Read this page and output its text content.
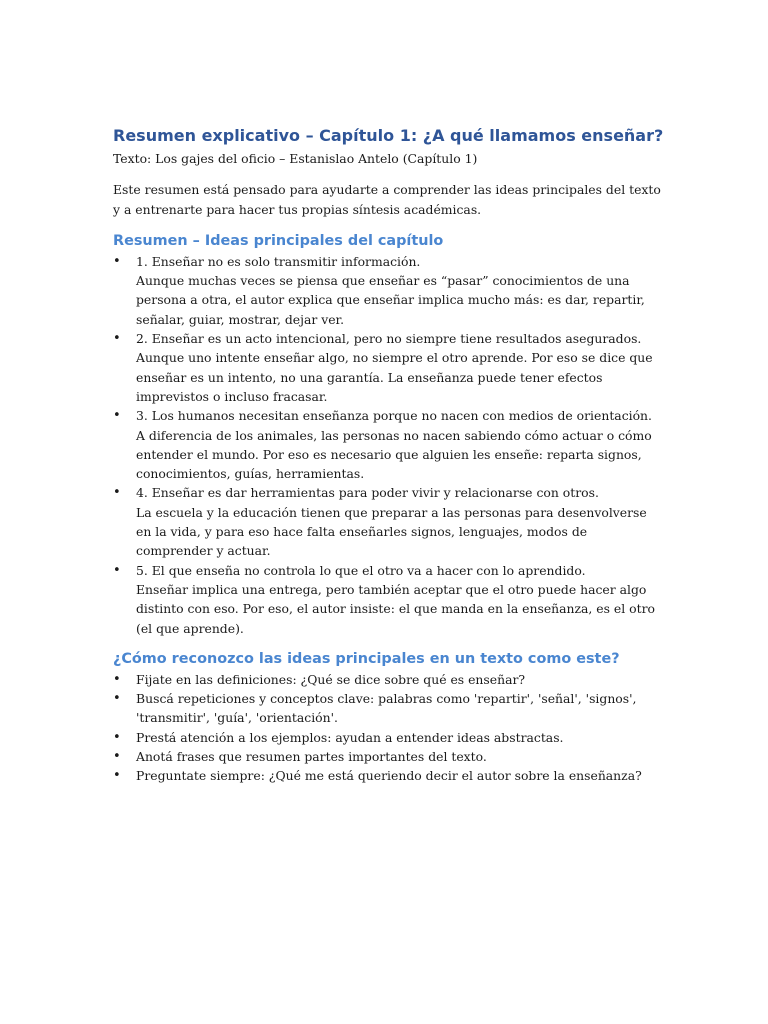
Resumen explicativo – Capítulo 1: ¿A qué llamamos enseñar?

Texto: Los gajes del oficio – Estanislao Antelo (Capítulo 1)

Este resumen está pensado para ayudarte a comprender las ideas principales del texto y a entrenarte para hacer tus propias síntesis académicas.

Resumen – Ideas principales del capítulo
• 1. Enseñar no es solo transmitir información.
Aunque muchas veces se piensa que enseñar es “pasar” conocimientos de una persona a otra, el autor explica que enseñar implica mucho más: es dar, repartir, señalar, guiar, mostrar, dejar ver.
• 2. Enseñar es un acto intencional, pero no siempre tiene resultados asegurados.
Aunque uno intente enseñar algo, no siempre el otro aprende. Por eso se dice que enseñar es un intento, no una garantía. La enseñanza puede tener efectos imprevistos o incluso fracasar.
• 3. Los humanos necesitan enseñanza porque no nacen con medios de orientación.
A diferencia de los animales, las personas no nacen sabiendo cómo actuar o cómo entender el mundo. Por eso es necesario que alguien les enseñe: reparta signos, conocimientos, guías, herramientas.
• 4. Enseñar es dar herramientas para poder vivir y relacionarse con otros.
La escuela y la educación tienen que preparar a las personas para desenvolverse en la vida, y para eso hace falta enseñarles signos, lenguajes, modos de comprender y actuar.
• 5. El que enseña no controla lo que el otro va a hacer con lo aprendido.
Enseñar implica una entrega, pero también aceptar que el otro puede hacer algo distinto con eso. Por eso, el autor insiste: el que manda en la enseñanza, es el otro (el que aprende).
¿Cómo reconozco las ideas principales en un texto como este?
• Fijate en las definiciones: ¿Qué se dice sobre qué es enseñar?
• Buscá repeticiones y conceptos clave: palabras como 'repartir', 'señal', 'signos', 'transmitir', 'guía', 'orientación'.
• Prestá atención a los ejemplos: ayudan a entender ideas abstractas.
• Anotá frases que resumen partes importantes del texto.
• Preguntate siempre: ¿Qué me está queriendo decir el autor sobre la enseñanza?
